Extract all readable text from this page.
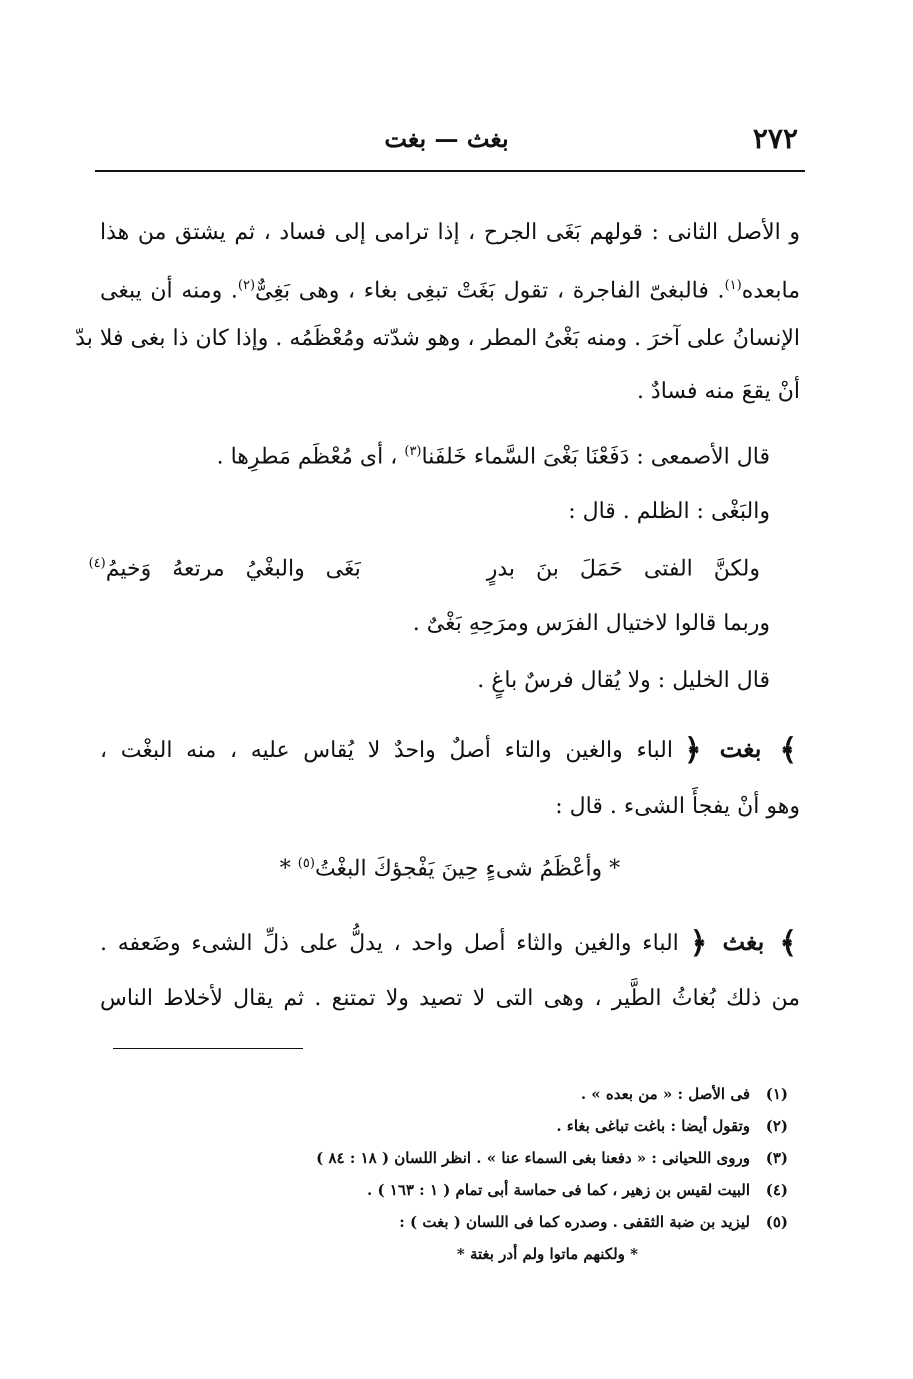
٢٧٢
بغث — بغت
و الأصل الثانى : قولهم بَغَى الجرح ، إذا ترامى إلى فساد ، ثم يشتق من هذا
مابعده$^{(١)}$. فالبغىّ الفاجرة ، تقول بَغَتْ تبغِى بغاء ، وهى بَغِىٌّ$^{(٢)}$. ومنه أن يبغى
الإنسانُ على آخرَ . ومنه بَغْىُ المطر ، وهو شدّته ومُعْظَمُه . وإذا كان ذا بغى فلا بدّ
أنْ يقعَ منه فسادٌ .
قال الأصمعى : دَفَعْنَا بَغْىَ السَّماء خَلفَنا$^{(٣)}$ ، أى مُعْظَم مَطرِها .
والبَغْى : الظلم . قال :
ولكنَّ الفتى حَمَلَ بنَ بدرٍ      بَغَى والبغْيُ مرتعهُ وَخيمُ$^{(٤)}$
وربما قالوا لاختيال الفرَس ومرَحِهِ بَغْىٌ .
قال الخليل : ولا يُقال فرسٌ باغٍ .
﴾ بغت ﴿الباء والغين والتاء أصلٌ واحدٌ لا يُقاس عليه ، منه البغْت ،
وهو أنْ يفجأَ الشىء . قال :
* وأعْظَمُ شىءٍ حِينَ يَفْجؤكَ البغْتُ$^{(٥)}$ *
﴾ بغث ﴿الباء والغين والثاء أصل واحد ، يدلُّ على ذلِّ الشىء وضَعفه .
من ذلك بُغاثُ الطَّير ، وهى التى لا تصيد ولا تمتنع . ثم يقال لأخلاط الناس
(١)فى الأصل : « من بعده » .
(٢)وتقول أيضا : باغت تباغى بغاء .
(٣)وروى اللحيانى : « دفعنا بغى السماء عنا » . انظر اللسان ( ١٨ : ٨٤ )
(٤)البيت لقيس بن زهير ، كما فى حماسة أبى تمام ( ١ : ١٦٣ ) .
(٥)ليزيد بن ضبة الثقفى . وصدره كما فى اللسان ( بغت ) :
* ولكنهم ماتوا ولم أدر بغتة *
